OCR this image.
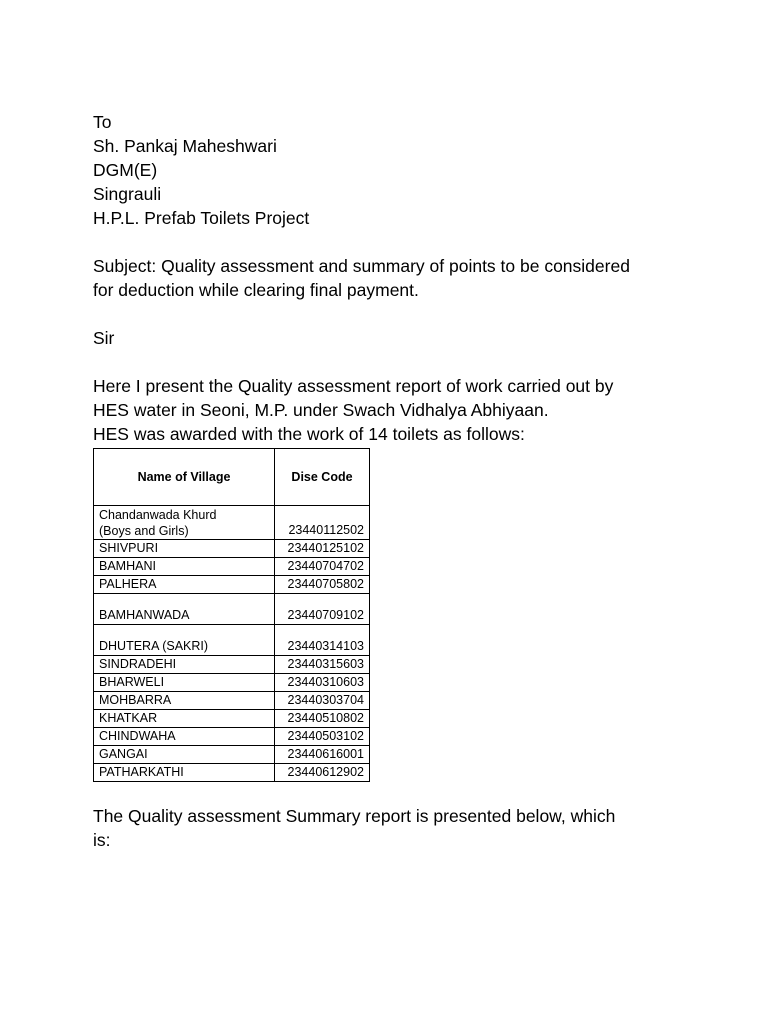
To
Sh. Pankaj Maheshwari
DGM(E)
Singrauli
H.P.L. Prefab Toilets Project
Subject: Quality assessment and summary of points to be considered
for deduction while clearing final payment.
Sir
Here I present the Quality assessment report of work carried out by
HES water in Seoni, M.P. under Swach Vidhalya Abhiyaan.
HES was awarded with the work of 14 toilets as follows:
Name of Village	Dise Code

Chandanwada Khurd
(Boys and Girls)	23440112502
SHIVPURI	23440125102
BAMHANI	23440704702
PALHERA	23440705802
BAMHANWADA	23440709102
DHUTERA (SAKRI)	23440314103
SINDRADEHI	23440315603
BHARWELI	23440310603
MOHBARRA	23440303704
KHATKAR	23440510802
CHINDWAHA	23440503102
GANGAI	23440616001
PATHARKATHI	23440612902
The Quality assessment Summary report is presented below, which
is:
